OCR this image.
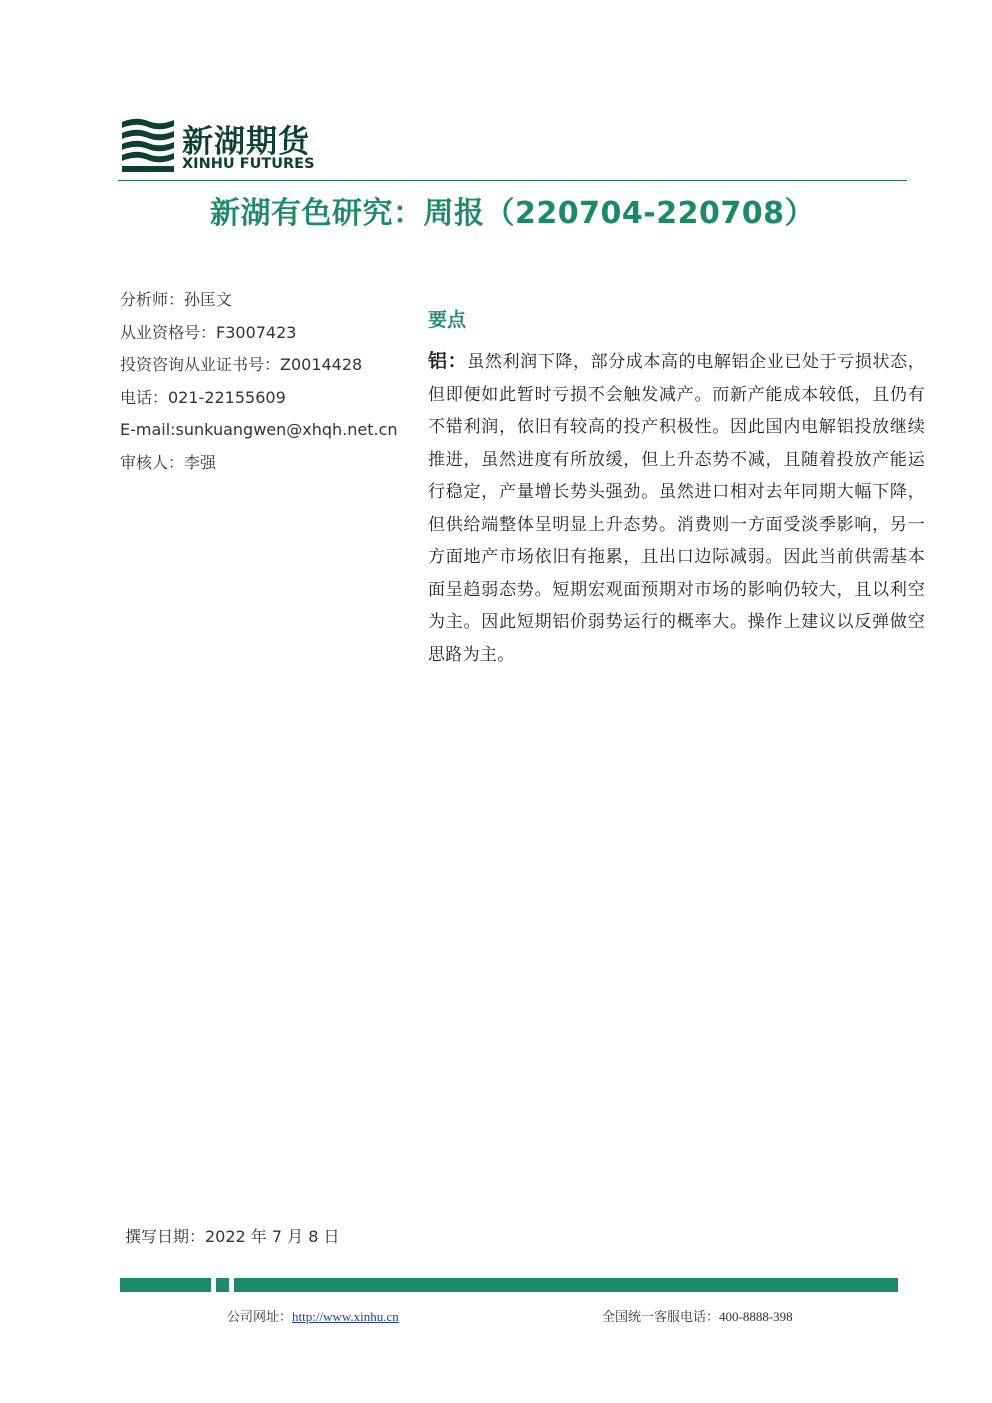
新湖期货
XINHU FUTURES
新湖有色研究：周报（220704-220708）
分析师：孙匡文
从业资格号：F3007423
投资咨询从业证书号：Z0014428
电话：021-22155609
E-mail:sunkuangwen@xhqh.net.cn
审核人：李强
要点
铝：虽然利润下降，部分成本高的电解铝企业已处于亏损状态，但即便如此暂时亏损不会触发减产。而新产能成本较低，且仍有不错利润，依旧有较高的投产积极性。因此国内电解铝投放继续推进，虽然进度有所放缓，但上升态势不减，且随着投放产能运行稳定，产量增长势头强劲。虽然进口相对去年同期大幅下降，但供给端整体呈明显上升态势。消费则一方面受淡季影响，另一方面地产市场依旧有拖累，且出口边际减弱。因此当前供需基本面呈趋弱态势。短期宏观面预期对市场的影响仍较大，且以利空为主。因此短期铝价弱势运行的概率大。操作上建议以反弹做空思路为主。
撰写日期：2022 年 7 月 8 日
公司网址：http://www.xinhu.cn	全国统一客服电话：400-8888-398
